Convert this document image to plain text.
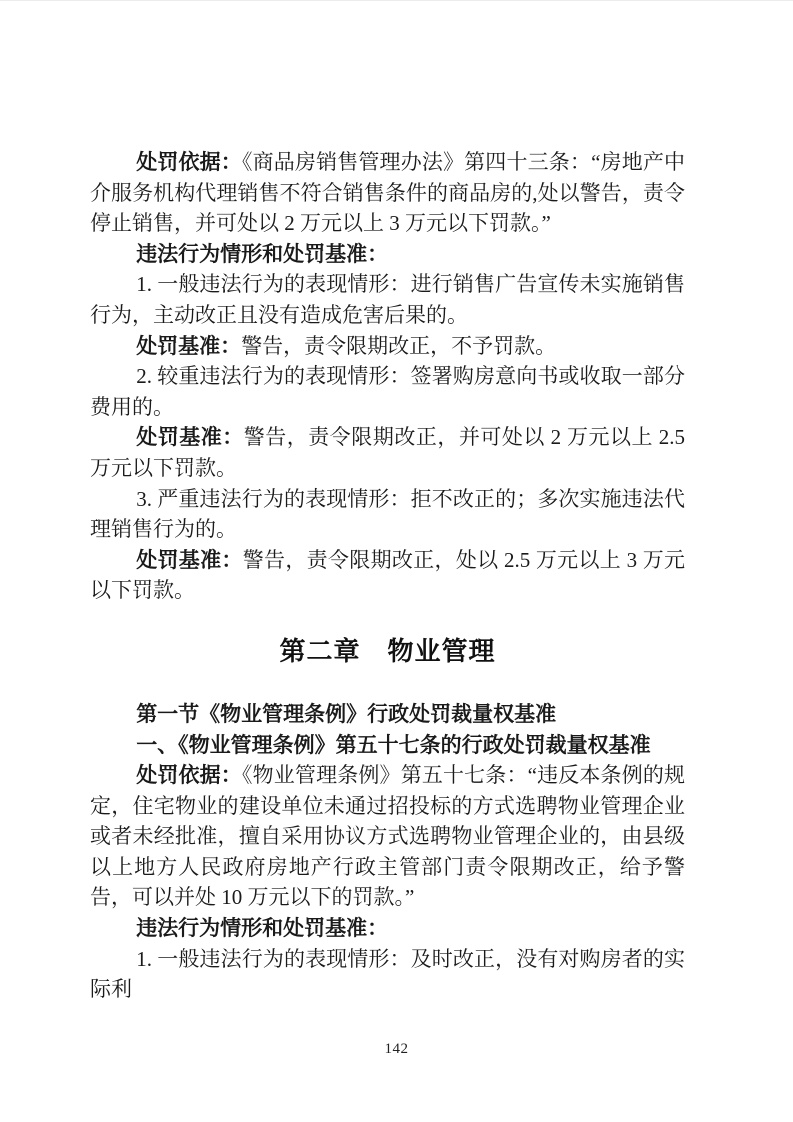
处罚依据：《商品房销售管理办法》第四十三条：“房地产中介服务机构代理销售不符合销售条件的商品房的,处以警告，责令停止销售，并可处以 2 万元以上 3 万元以下罚款。”

违法行为情形和处罚基准：

1. 一般违法行为的表现情形：进行销售广告宣传未实施销售行为，主动改正且没有造成危害后果的。

处罚基准：警告，责令限期改正，不予罚款。

2. 较重违法行为的表现情形：签署购房意向书或收取一部分费用的。

处罚基准：警告，责令限期改正，并可处以 2 万元以上 2.5 万元以下罚款。

3. 严重违法行为的表现情形：拒不改正的；多次实施违法代理销售行为的。

处罚基准：警告，责令限期改正，处以 2.5 万元以上 3 万元以下罚款。

第二章　物业管理

第一节《物业管理条例》行政处罚裁量权基准

一、《物业管理条例》第五十七条的行政处罚裁量权基准

处罚依据：《物业管理条例》第五十七条：“违反本条例的规定，住宅物业的建设单位未通过招投标的方式选聘物业管理企业或者未经批准，擅自采用协议方式选聘物业管理企业的，由县级以上地方人民政府房地产行政主管部门责令限期改正，给予警告，可以并处 10 万元以下的罚款。”

违法行为情形和处罚基准：

1. 一般违法行为的表现情形：及时改正，没有对购房者的实际利

142
